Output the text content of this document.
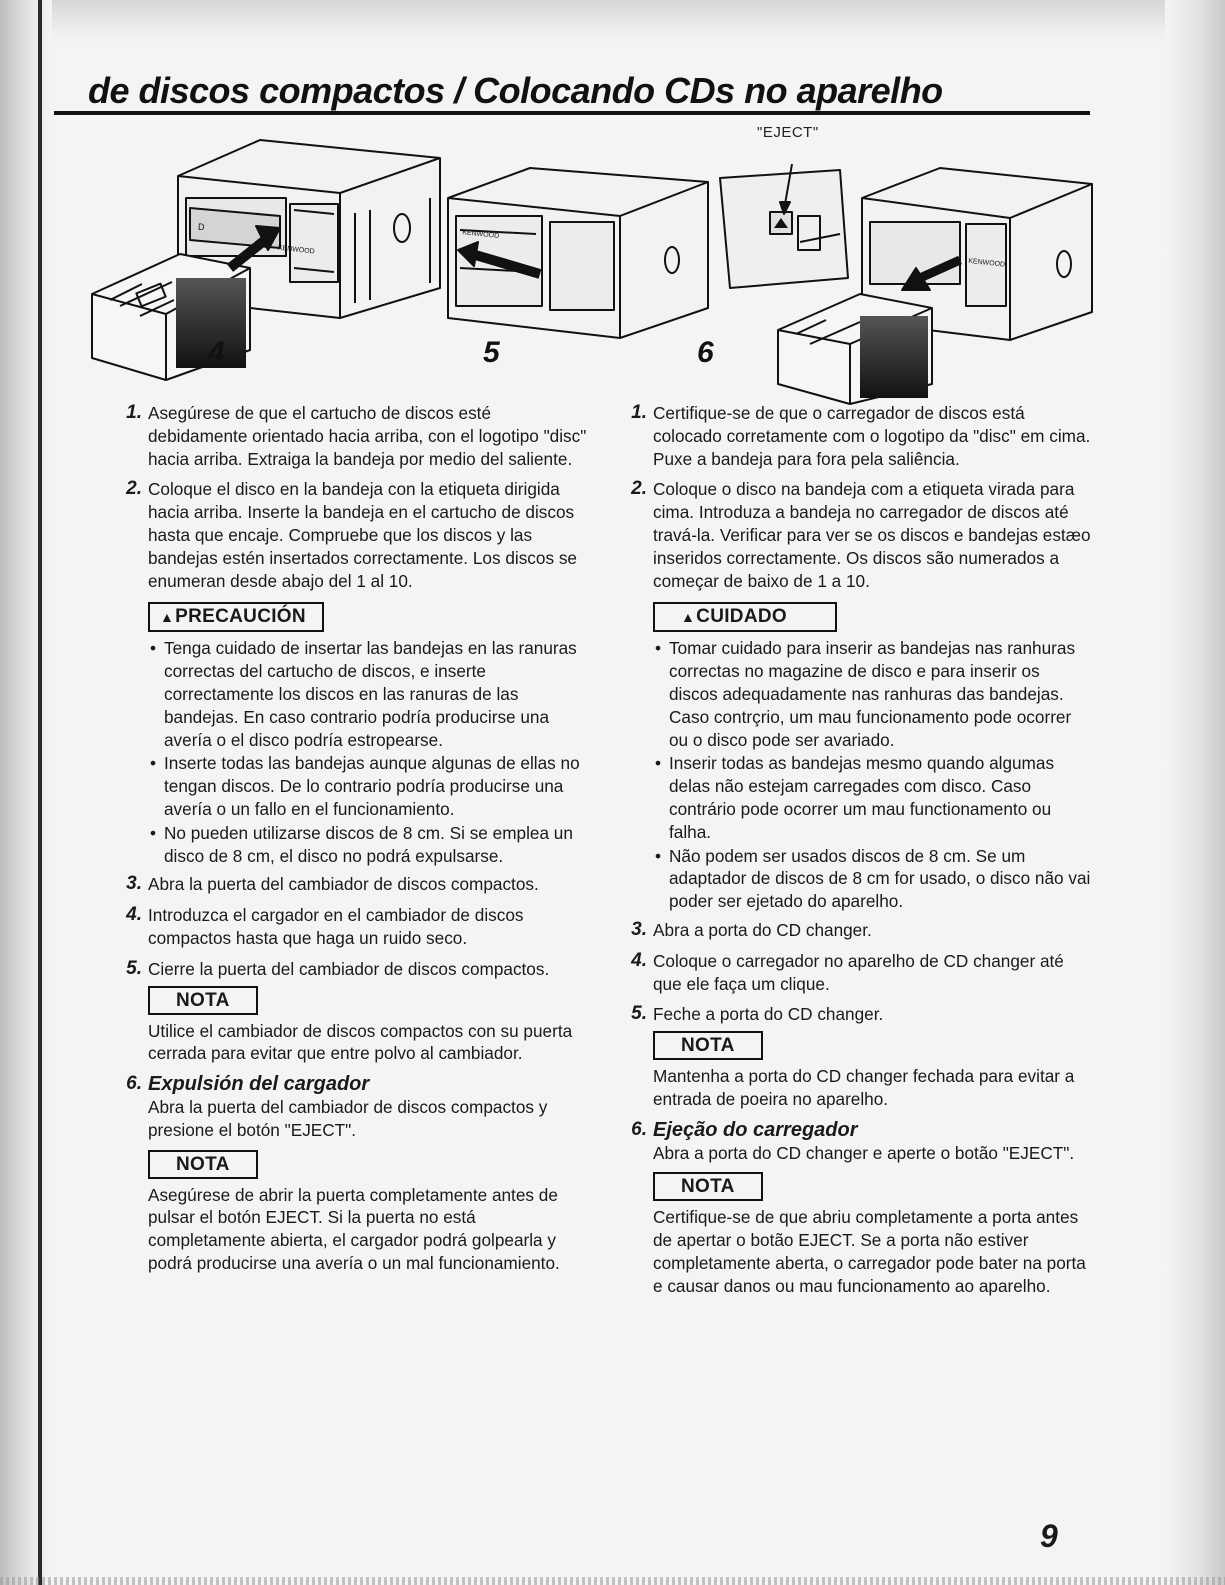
de discos compactos / Colocando CDs no aparelho
KENWOOD
KENWOOD
KENWOOD
D
"EJECT"
4	5	6
1. Asegúrese de que el cartucho de discos esté debidamente orientado hacia arriba, con el logotipo "disc" hacia arriba. Extraiga la bandeja por medio del saliente.
2. Coloque el disco en la bandeja con la etiqueta dirigida hacia arriba. Inserte la bandeja en el cartucho de discos hasta que encaje. Compruebe que los discos y las bandejas estén insertados correctamente. Los discos se enumeran desde abajo del 1 al 10.
▲PRECAUCIÓN
• Tenga cuidado de insertar las bandejas en las ranuras correctas del cartucho de discos, e inserte correctamente los discos en las ranuras de las bandejas. En caso contrario podría producirse una avería o el disco podría estropearse.
• Inserte todas las bandejas aunque algunas de ellas no tengan discos. De lo contrario podría producirse una avería o un fallo en el funcionamiento.
• No pueden utilizarse discos de 8 cm. Si se emplea un disco de 8 cm, el disco no podrá expulsarse.
3. Abra la puerta del cambiador de discos compactos.
4. Introduzca el cargador en el cambiador de discos compactos hasta que haga un ruido seco.
5. Cierre la puerta del cambiador de discos compactos.
NOTA
Utilice el cambiador de discos compactos con su puerta cerrada para evitar que entre polvo al cambiador.
6. Expulsión del cargador
Abra la puerta del cambiador de discos compactos y presione el botón "EJECT".
NOTA
Asegúrese de abrir la puerta completamente antes de pulsar el botón EJECT. Si la puerta no está completamente abierta, el cargador podrá golpearla y podrá producirse una avería o un mal funcionamiento.
1. Certifique-se de que o carregador de discos está colocado corretamente com o logotipo da "disc" em cima. Puxe a bandeja para fora pela saliência.
2. Coloque o disco na bandeja com a etiqueta virada para cima. Introduza a bandeja no carregador de discos até travá-la. Verificar para ver se os discos e bandejas estæo inseridos correctamente. Os discos são numerados a começar de baixo de 1 a 10.
▲CUIDADO
• Tomar cuidado para inserir as bandejas nas ranhuras correctas no magazine de disco e para inserir os discos adequadamente nas ranhuras das bandejas. Caso contrçrio, um mau funcionamento pode ocorrer ou o disco pode ser avariado.
• Inserir todas as bandejas mesmo quando algumas delas não estejam carregades com disco. Caso contrário pode ocorrer um mau functionamento ou falha.
• Não podem ser usados discos de 8 cm. Se um adaptador de discos de 8 cm for usado, o disco não vai poder ser ejetado do aparelho.
3. Abra a porta do CD changer.
4. Coloque o carregador no aparelho de CD changer até que ele faça um clique.
5. Feche a porta do CD changer.
NOTA
Mantenha a porta do CD changer fechada para evitar a entrada de poeira no aparelho.
6. Ejeção do carregador
Abra a porta do CD changer e aperte o botão "EJECT".
NOTA
Certifique-se de que abriu completamente a porta antes de apertar o botão EJECT. Se a porta não estiver completamente aberta, o carregador pode bater na porta e causar danos ou mau funcionamento ao aparelho.
9
